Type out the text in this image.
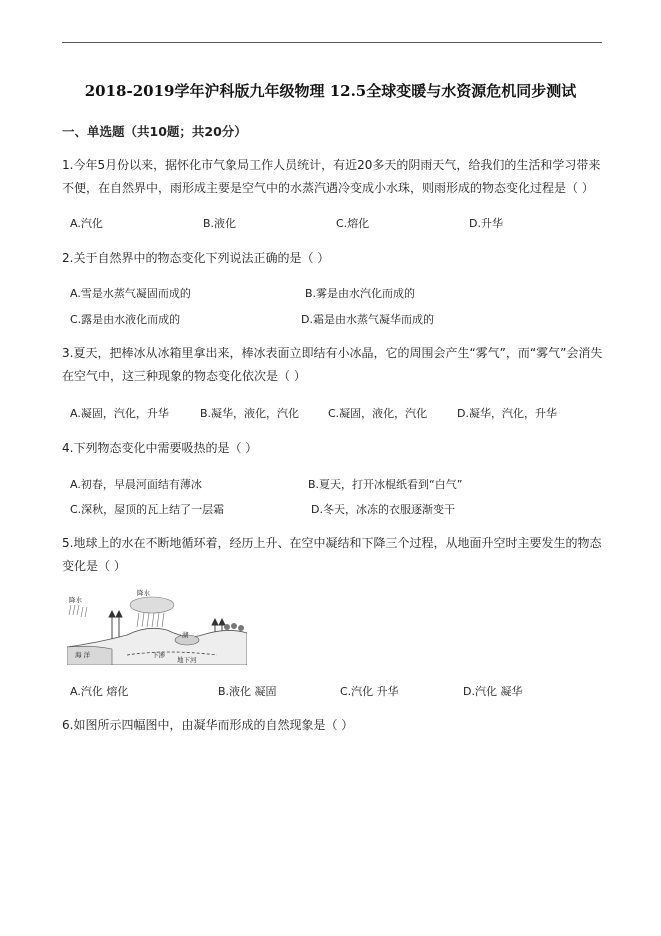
2018-2019学年沪科版九年级物理 12.5全球变暖与水资源危机同步测试
一、单选题（共10题；共20分）
1.今年5月份以来，据怀化市气象局工作人员统计，有近20多天的阴雨天气，给我们的生活和学习带来不便，在自然界中，雨形成主要是空气中的水蒸汽遇冷变成小水珠，则雨形成的物态变化过程是（ ）
A.汽化	B.液化	C.熔化	D.升华
2.关于自然界中的物态变化下列说法正确的是（ ）
A.雪是水蒸气凝固而成的	B.雾是由水汽化而成的
C.露是由水液化而成的	D.霜是由水蒸气凝华而成的
3.夏天，把棒冰从冰箱里拿出来，棒冰表面立即结有小冰晶，它的周围会产生“雾气”，而“雾气”会消失在空气中，这三种现象的物态变化依次是（ ）
A.凝固，汽化，升华	B.凝华，液化，汽化	C.凝固，液化，汽化	D.凝华，汽化，升华
4.下列物态变化中需要吸热的是（ ）
A.初春，早晨河面结有薄冰	B.夏天，打开冰棍纸看到“白气”
C.深秋，屋顶的瓦上结了一层霜	D.冬天，冰冻的衣服逐渐变干
5.地球上的水在不断地循环着，经历上升、在空中凝结和下降三个过程，从地面升空时主要发生的物态变化是（ ）
降水
降水
湖
海 洋	下渗
地下河
A.汽化 熔化	B.液化 凝固	C.汽化 升华	D.汽化 凝华
6.如图所示四幅图中，由凝华而形成的自然现象是（ ）
